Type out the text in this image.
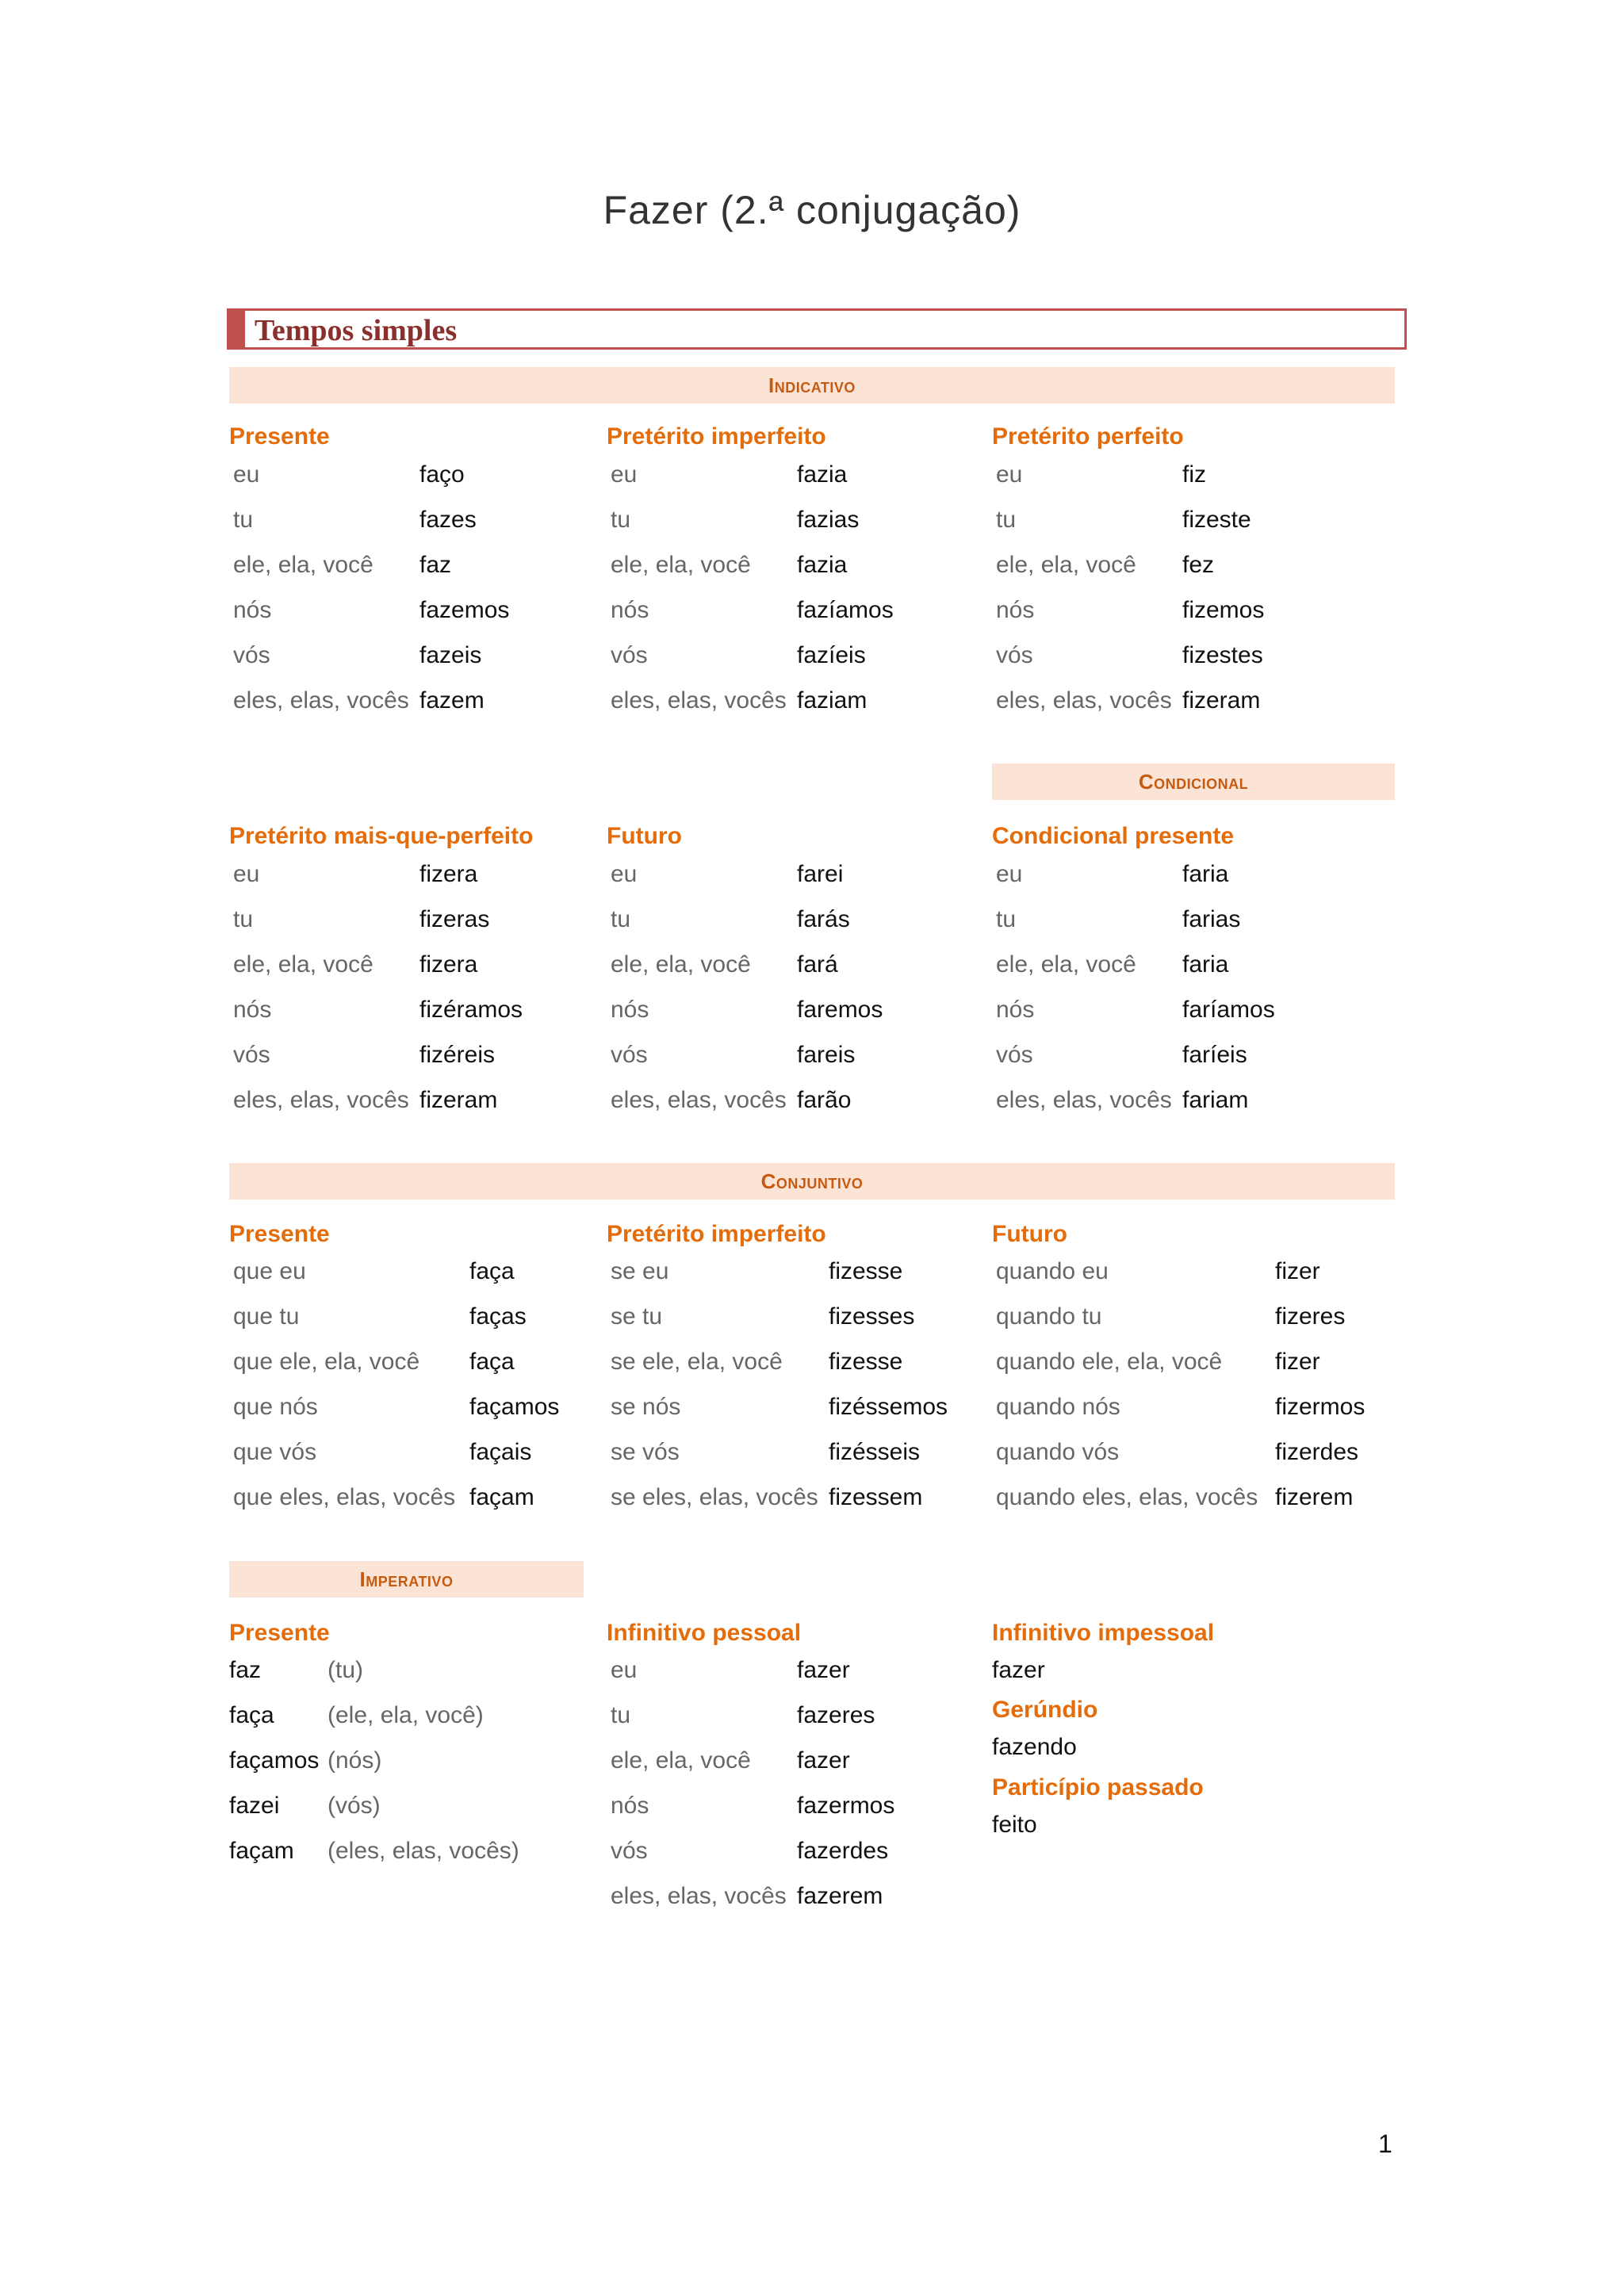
Fazer (2.ª conjugação)
Tempos simples
Indicativo
Condicional
Conjuntivo
Imperativo
Presente	Pretérito imperfeito	Pretérito perfeito
eu	faço
tu	fazes
ele, ela, você faz
nós	fazemos
vós	fazeis
eles, elas, vocês fazem
eu	fazia
tu	fazias
ele, ela, você fazia
nós	fazíamos
vós	fazíeis
eles, elas, vocês faziam
eu	fiz
tu	fizeste
ele, ela, você fez
nós	fizemos
vós	fizestes
eles, elas, vocês fizeram
Pretérito mais-que-perfeito	Futuro	Condicional presente
eu	fizera
tu	fizeras
ele, ela, você fizera
nós	fizéramos
vós	fizéreis
eles, elas, vocês fizeram
eu	farei
tu	farás
ele, ela, você fará
nós	faremos
vós	fareis
eles, elas, vocês farão
eu	faria
tu	farias
ele, ela, você faria
nós	faríamos
vós	faríeis
eles, elas, vocês fariam
Presente	Pretérito imperfeito	Futuro
que eu	faça
que tu	faças
que ele, ela, você faça
que nós	façamos
que vós	façais
que eles, elas, vocês façam
se eu	fizesse
se tu	fizesses
se ele, ela, você fizesse
se nós	fizéssemos
se vós	fizésseis
se eles, elas, vocês fizessem
quando eu	fizer
quando tu	fizeres
quando ele, ela, você fizer
quando nós	fizermos
quando vós	fizerdes
quando eles, elas, vocês fizerem
Presente	Infinitivo pessoal
faz	(tu)
faça (ele, ela, você)
façamos (nós)
fazei (vós)
façam (eles, elas, vocês)
eu	fazer
tu	fazeres
ele, ela, você fazer
nós	fazermos
vós	fazerdes
eles, elas, vocês fazerem
Infinitivo impessoal
fazer
Gerúndio
fazendo
Particípio passado
feito
1
